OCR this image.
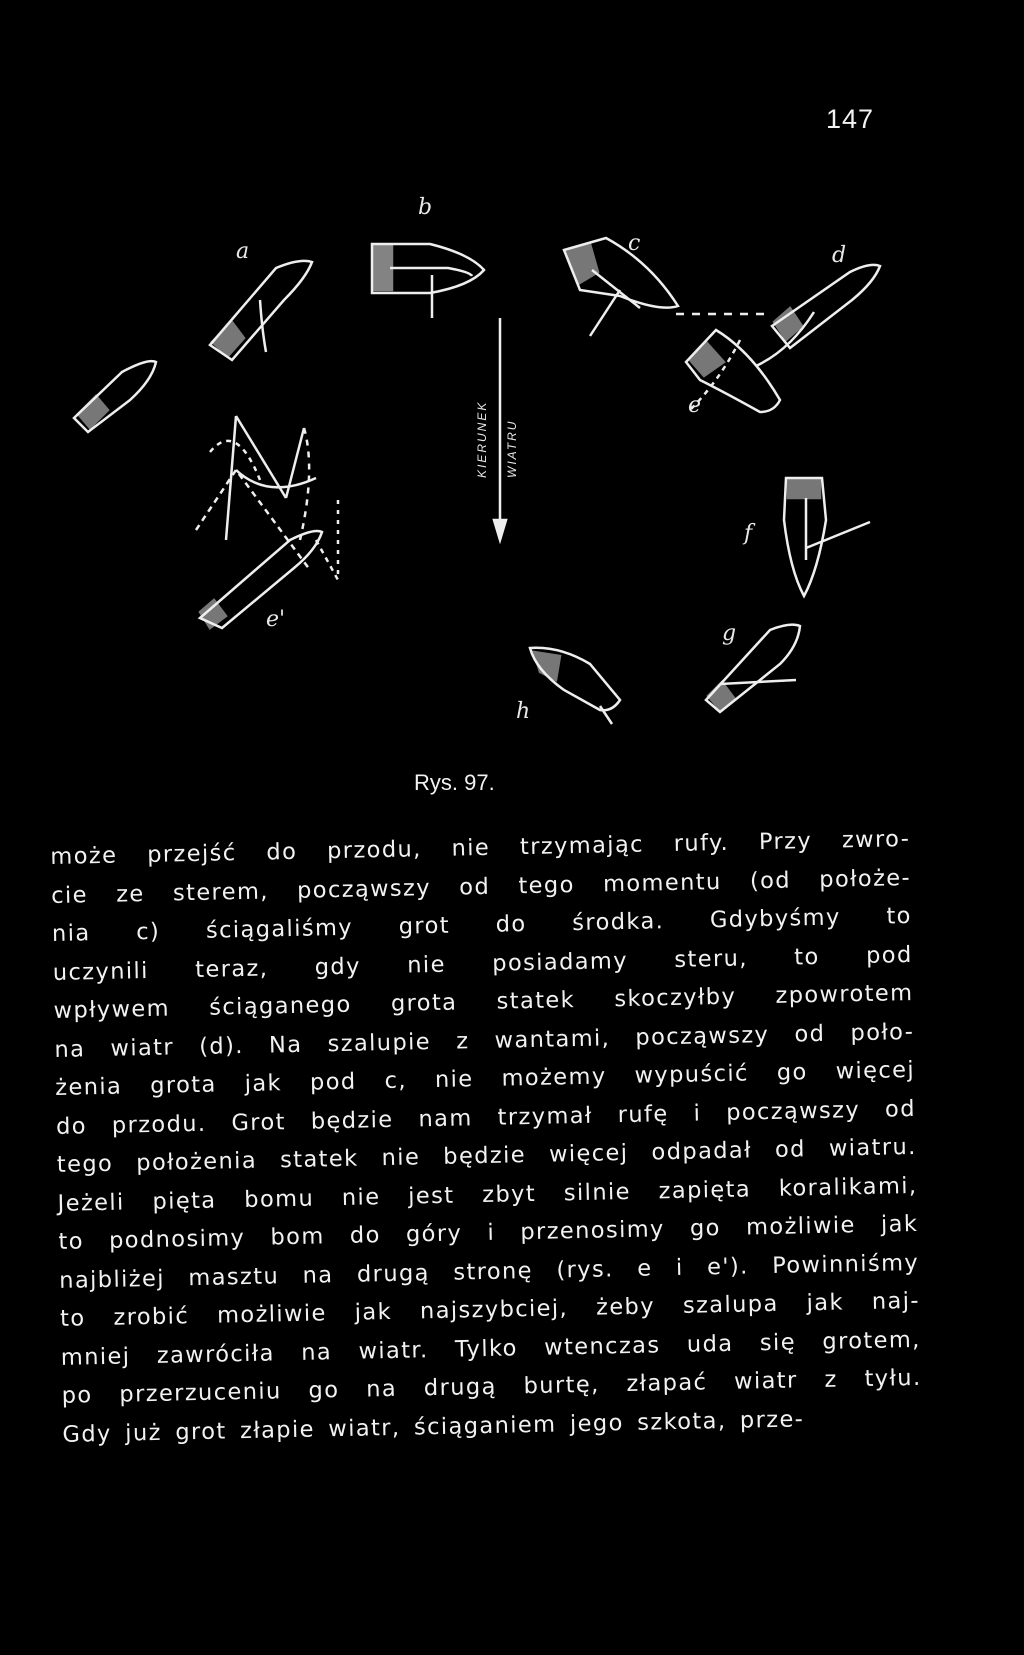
147
a
b
c	d
e
e'
f
g
h
KIERUNEK WIATRU
Rys. 97.
może przejść do przodu, nie trzymając rufy. Przy zwro-
cie ze sterem, począwszy od tego momentu (od położe-
nia c) ściągaliśmy grot do środka. Gdybyśmy to
uczynili teraz, gdy nie posiadamy steru, to pod
wpływem ściąganego grota statek skoczyłby zpowrotem
na wiatr (d). Na szalupie z wantami, począwszy od poło-
żenia grota jak pod c, nie możemy wypuścić go więcej
do przodu. Grot będzie nam trzymał rufę i począwszy od
tego położenia statek nie będzie więcej odpadał od wiatru.
Jeżeli pięta bomu nie jest zbyt silnie zapięta koralikami,
to podnosimy bom do góry i przenosimy go możliwie jak
najbliżej masztu na drugą stronę (rys. e i e'). Powinniśmy
to zrobić możliwie jak najszybciej, żeby szalupa jak naj-
mniej zawróciła na wiatr. Tylko wtenczas uda się grotem,
po przerzuceniu go na drugą burtę, złapać wiatr z tyłu.
Gdy już grot złapie wiatr, ściąganiem jego szkota, prze-
